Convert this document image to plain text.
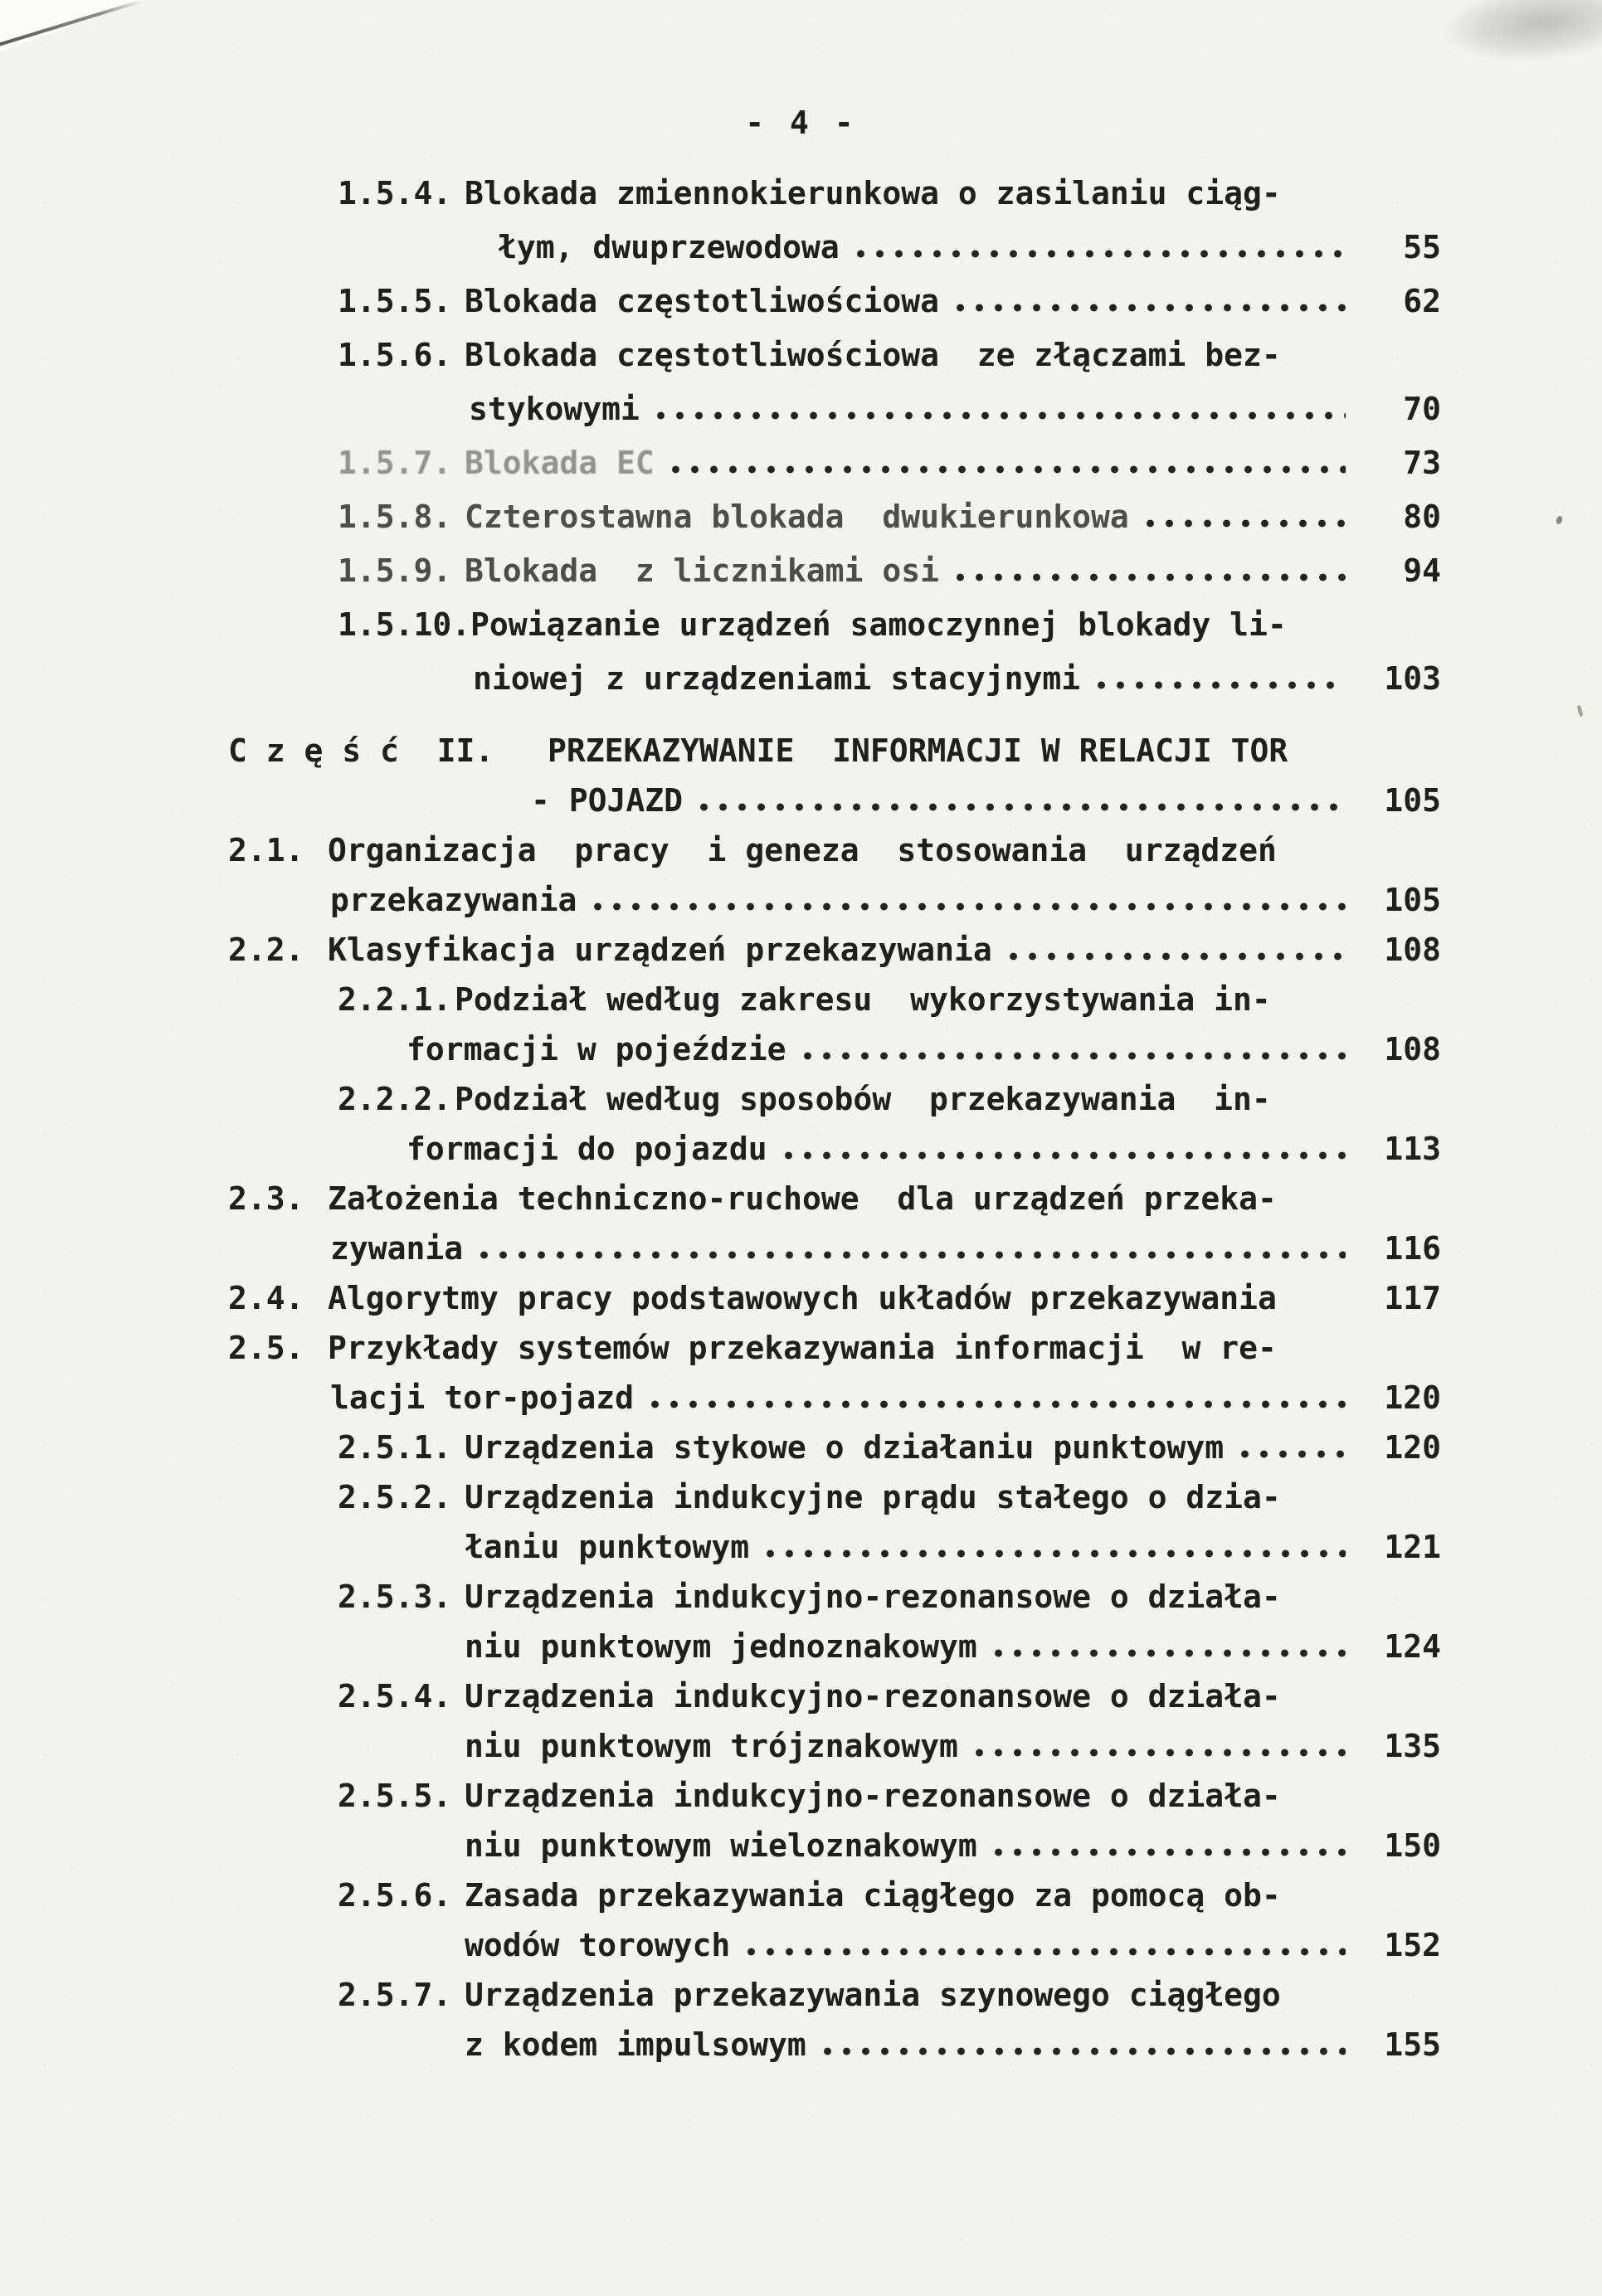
- 4 -
1.5.4. Blokada zmiennokierunkowa o zasilaniu ciąg-
łym, dwuprzewodowa	55
1.5.5. Blokada częstotliwościowa	62
1.5.6. Blokada częstotliwościowa  ze złączami bez-
stykowymi	70
1.5.7. Blokada EC	73
1.5.8. Czterostawna blokada  dwukierunkowa	80
1.5.9. Blokada  z licznikami osi	94
1.5.10. Powiązanie urządzeń samoczynnej blokady li-
niowej z urządzeniami stacyjnymi	103
C z ę ś ć  II. PRZEKAZYWANIE  INFORMACJI W RELACJI TOR
- POJAZD	105
2.1. Organizacja  pracy  i geneza  stosowania  urządzeń
przekazywania	105
2.2. Klasyfikacja urządzeń przekazywania	108
2.2.1. Podział według zakresu  wykorzystywania in-
formacji w pojeździe	108
2.2.2. Podział według sposobów  przekazywania  in-
formacji do pojazdu	113
2.3. Założenia techniczno-ruchowe  dla urządzeń przeka-
zywania	116
2.4. Algorytmy pracy podstawowych układów przekazywania	117
2.5. Przykłady systemów przekazywania informacji  w re-
lacji tor-pojazd	120
2.5.1. Urządzenia stykowe o działaniu punktowym	120
2.5.2. Urządzenia indukcyjne prądu stałego o dzia-
łaniu punktowym	121
2.5.3. Urządzenia indukcyjno-rezonansowe o działa-
niu punktowym jednoznakowym	124
2.5.4. Urządzenia indukcyjno-rezonansowe o działa-
niu punktowym trójznakowym	135
2.5.5. Urządzenia indukcyjno-rezonansowe o działa-
niu punktowym wieloznakowym	150
2.5.6. Zasada przekazywania ciągłego za pomocą ob-
wodów torowych	152
2.5.7. Urządzenia przekazywania szynowego ciągłego
z kodem impulsowym	155
